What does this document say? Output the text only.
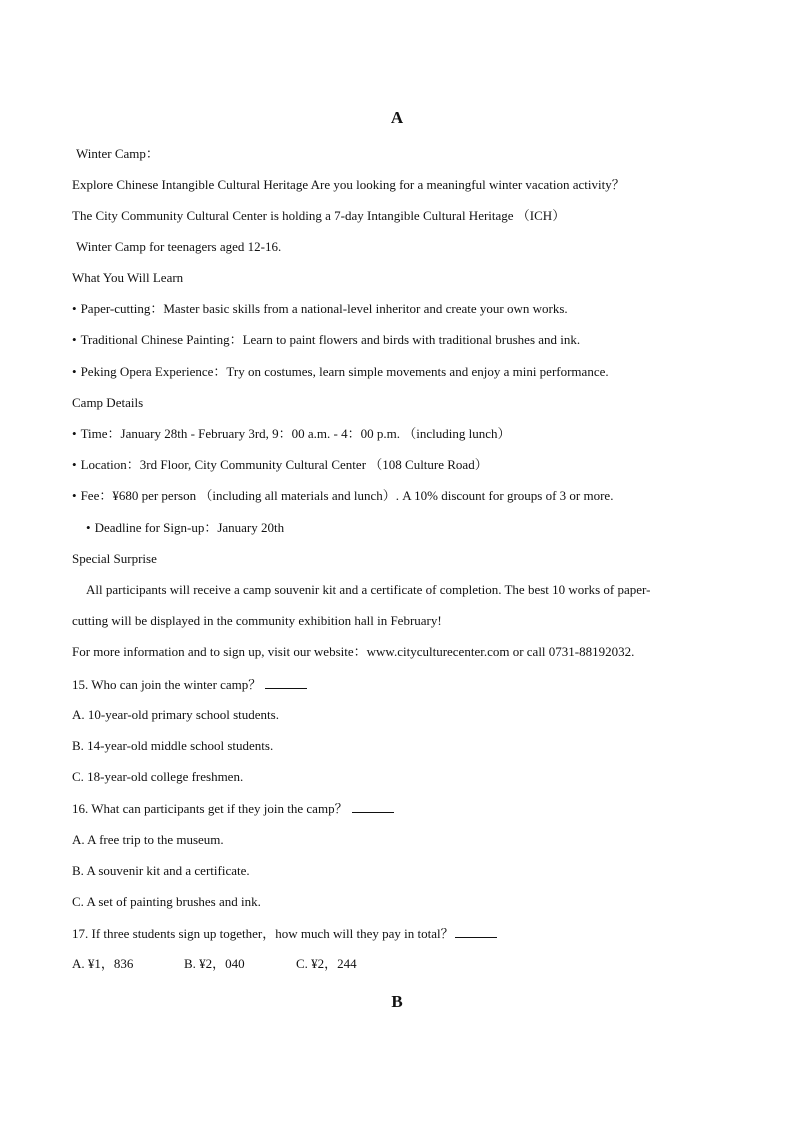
A
Winter Camp：
Explore Chinese Intangible Cultural Heritage Are you looking for a meaningful winter vacation activity？
The City Community Cultural Center is holding a 7-day Intangible Cultural Heritage （ICH）
Winter Camp for teenagers aged 12-16.
What You Will Learn
• Paper-cutting：Master basic skills from a national-level inheritor and create your own works.
• Traditional Chinese Painting：Learn to paint flowers and birds with traditional brushes and ink.
• Peking Opera Experience：Try on costumes, learn simple movements and enjoy a mini performance.
Camp Details
• Time：January 28th - February 3rd, 9：00 a.m. - 4：00 p.m. （including lunch）
• Location：3rd Floor, City Community Cultural Center （108 Culture Road）
• Fee：¥680 per person （including all materials and lunch）. A 10% discount for groups of 3 or more.
• Deadline for Sign-up：January 20th
Special Surprise
All participants will receive a camp souvenir kit and a certificate of completion. The best 10 works of paper-
cutting will be displayed in the community exhibition hall in February!
For more information and to sign up, visit our website：www.cityculturecenter.com or call 0731-88192032.
15. Who can join the winter camp？
A. 10-year-old primary school students.
B. 14-year-old middle school students.
C. 18-year-old college freshmen.
16. What can participants get if they join the camp？
A. A free trip to the museum.
B. A souvenir kit and a certificate.
C. A set of painting brushes and ink.
17. If three students sign up together，how much will they pay in total？
A. ¥1，836	B. ¥2，040	C. ¥2，244
B
